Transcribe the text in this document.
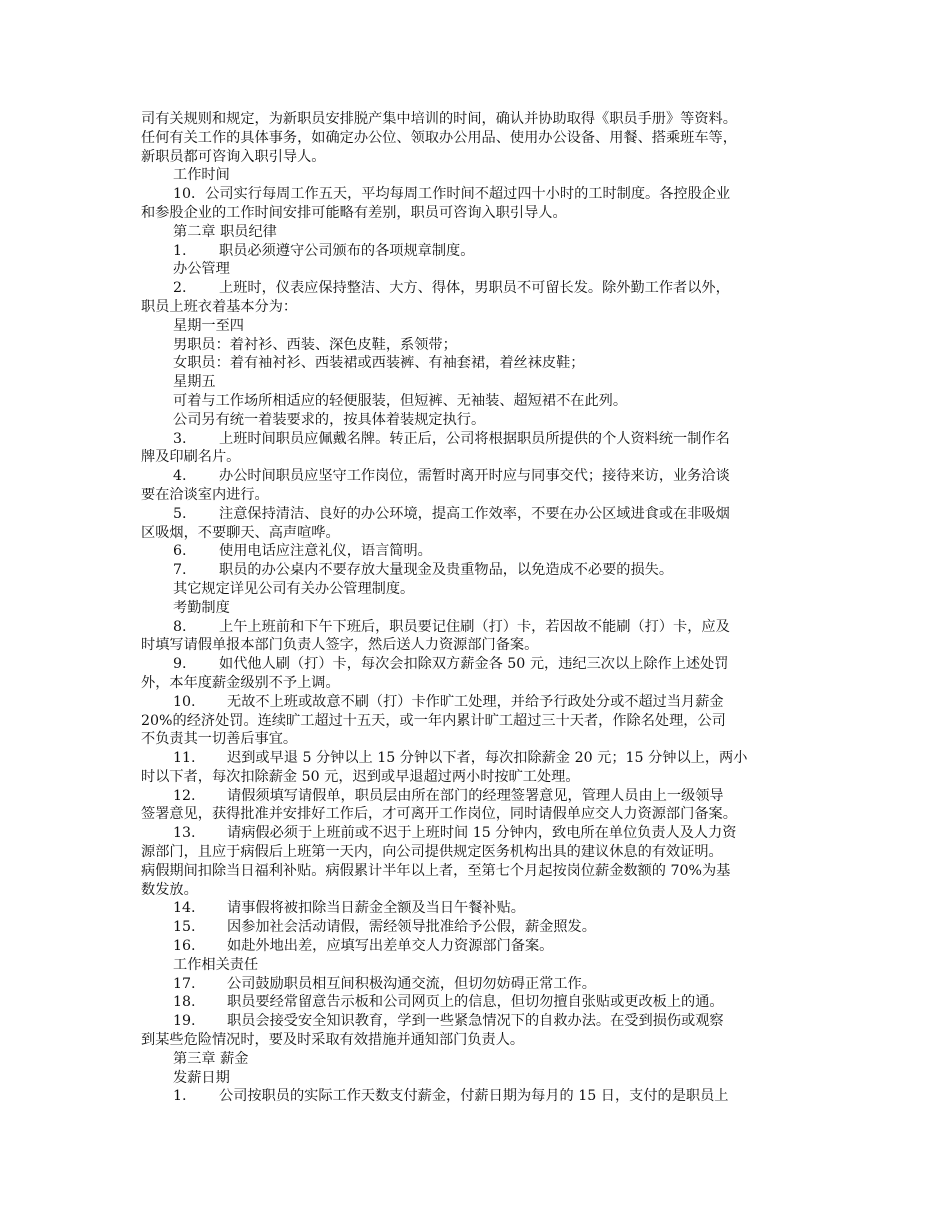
司有关规则和规定，为新职员安排脱产集中培训的时间，确认并协助取得《职员手册》等资料。
任何有关工作的具体事务，如确定办公位、领取办公用品、使用办公设备、用餐、搭乘班车等，
新职员都可咨询入职引导人。
工作时间
10．公司实行每周工作五天，平均每周工作时间不超过四十小时的工时制度。各控股企业
和参股企业的工作时间安排可能略有差别，职员可咨询入职引导人。
第二章 职员纪律
1. 职员必须遵守公司颁布的各项规章制度。
办公管理
2. 上班时，仪表应保持整洁、大方、得体，男职员不可留长发。除外勤工作者以外，
职员上班衣着基本分为：
星期一至四
男职员：着衬衫、西装、深色皮鞋，系领带；
女职员：着有袖衬衫、西装裙或西装裤、有袖套裙，着丝袜皮鞋；
星期五
可着与工作场所相适应的轻便服装，但短裤、无袖装、超短裙不在此列。
公司另有统一着装要求的，按具体着装规定执行。
3. 上班时间职员应佩戴名牌。转正后，公司将根据职员所提供的个人资料统一制作名
牌及印刷名片。
4. 办公时间职员应坚守工作岗位，需暂时离开时应与同事交代；接待来访，业务洽谈
要在洽谈室内进行。
5. 注意保持清洁、良好的办公环境，提高工作效率，不要在办公区域进食或在非吸烟
区吸烟，不要聊天、高声喧哗。
6. 使用电话应注意礼仪，语言简明。
7. 职员的办公桌内不要存放大量现金及贵重物品，以免造成不必要的损失。
其它规定详见公司有关办公管理制度。
考勤制度
8. 上午上班前和下午下班后，职员要记住刷（打）卡，若因故不能刷（打）卡，应及
时填写请假单报本部门负责人签字，然后送人力资源部门备案。
9. 如代他人刷（打）卡，每次会扣除双方薪金各 50 元，违纪三次以上除作上述处罚
外，本年度薪金级别不予上调。
10. 无故不上班或故意不刷（打）卡作旷工处理，并给予行政处分或不超过当月薪金
20%的经济处罚。连续旷工超过十五天，或一年内累计旷工超过三十天者，作除名处理，公司
不负责其一切善后事宜。
11. 迟到或早退 5 分钟以上 15 分钟以下者，每次扣除薪金 20 元；15 分钟以上，两小
时以下者，每次扣除薪金 50 元，迟到或早退超过两小时按旷工处理。
12. 请假须填写请假单，职员层由所在部门的经理签署意见，管理人员由上一级领导
签署意见，获得批准并安排好工作后，才可离开工作岗位，同时请假单应交人力资源部门备案。
13. 请病假必须于上班前或不迟于上班时间 15 分钟内，致电所在单位负责人及人力资
源部门，且应于病假后上班第一天内，向公司提供规定医务机构出具的建议休息的有效证明。
病假期间扣除当日福利补贴。病假累计半年以上者，至第七个月起按岗位薪金数额的 70%为基
数发放。
14. 请事假将被扣除当日薪金全额及当日午餐补贴。
15. 因参加社会活动请假，需经领导批准给予公假，薪金照发。
16. 如赴外地出差，应填写出差单交人力资源部门备案。
工作相关责任
17. 公司鼓励职员相互间积极沟通交流，但切勿妨碍正常工作。
18. 职员要经常留意告示板和公司网页上的信息，但切勿擅自张贴或更改板上的通。
19. 职员会接受安全知识教育，学到一些紧急情况下的自救办法。在受到损伤或观察
到某些危险情况时，要及时采取有效措施并通知部门负责人。
第三章 薪金
发薪日期
1. 公司按职员的实际工作天数支付薪金，付薪日期为每月的 15 日，支付的是职员上
